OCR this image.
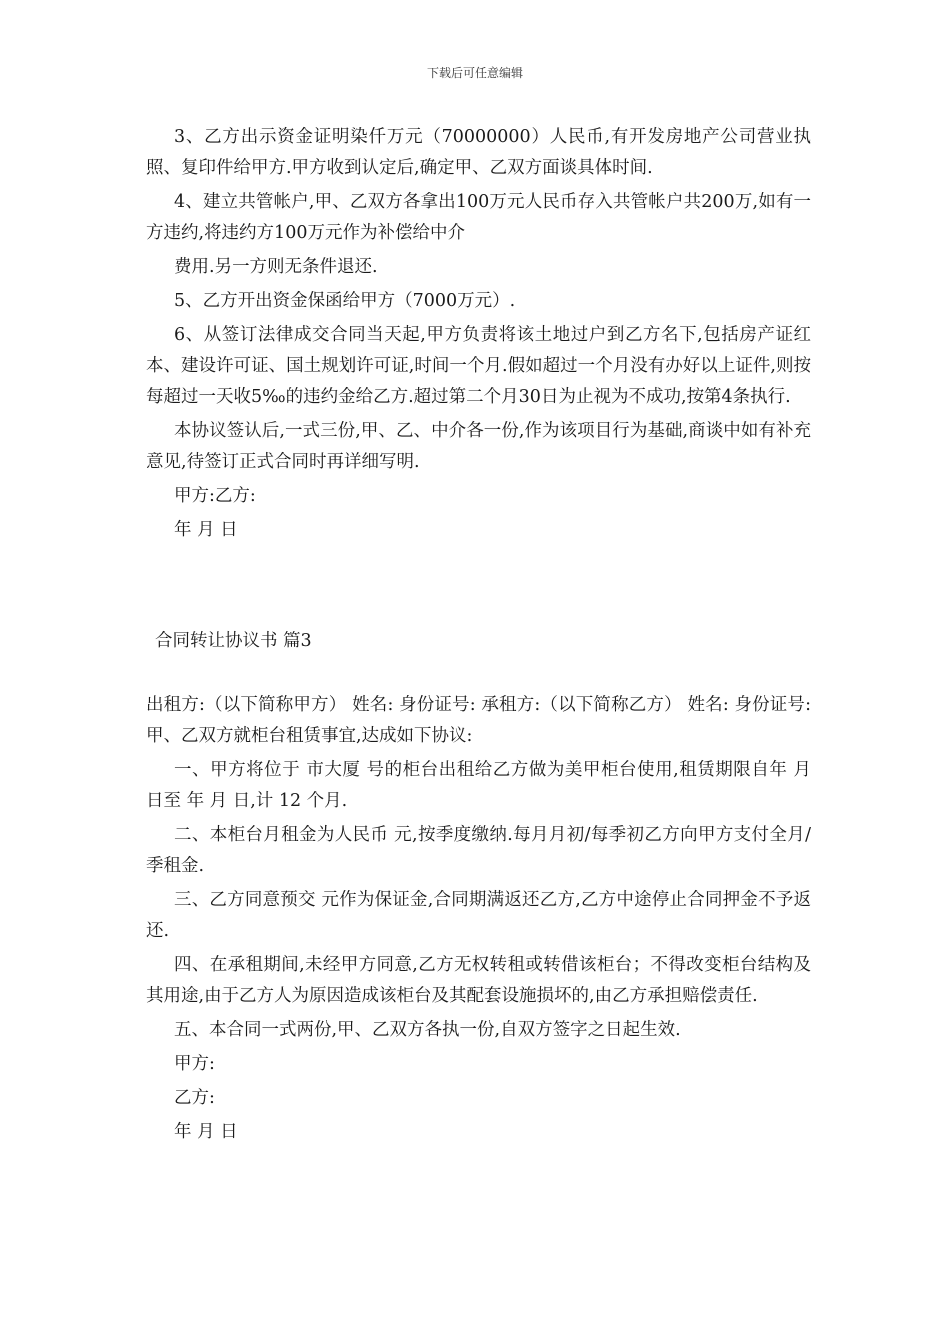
下载后可任意编辑

3、乙方出示资金证明染仟万元（70000000）人民币,有开发房地产公司营业执照、复印件给甲方.甲方收到认定后,确定甲、乙双方面谈具体时间.

4、建立共管帐户,甲、乙双方各拿出100万元人民币存入共管帐户共200万,如有一方违约,将违约方100万元作为补偿给中介

费用.另一方则无条件退还.

5、乙方开出资金保函给甲方（7000万元）.

6、从签订法律成交合同当天起,甲方负责将该土地过户到乙方名下,包括房产证红本、建设许可证、国土规划许可证,时间一个月.假如超过一个月没有办好以上证件,则按每超过一天收5‰的违约金给乙方.超过第二个月30日为止视为不成功,按第4条执行.

本协议签认后,一式三份,甲、乙、中介各一份,作为该项目行为基础,商谈中如有补充意见,待签订正式合同时再详细写明.

甲方:乙方:

年 月 日

合同转让协议书 篇3

出租方:（以下简称甲方） 姓名: 身份证号: 承租方:（以下简称乙方） 姓名: 身份证号:甲、乙双方就柜台租赁事宜,达成如下协议:

一、甲方将位于 市大厦 号的柜台出租给乙方做为美甲柜台使用,租赁期限自年 月 日至 年 月 日,计 12 个月.

二、本柜台月租金为人民币 元,按季度缴纳.每月月初/每季初乙方向甲方支付全月/季租金.

三、乙方同意预交 元作为保证金,合同期满返还乙方,乙方中途停止合同押金不予返还.

四、在承租期间,未经甲方同意,乙方无权转租或转借该柜台；不得改变柜台结构及其用途,由于乙方人为原因造成该柜台及其配套设施损坏的,由乙方承担赔偿责任.

五、本合同一式两份,甲、乙双方各执一份,自双方签字之日起生效.

甲方:

乙方:

年 月 日
